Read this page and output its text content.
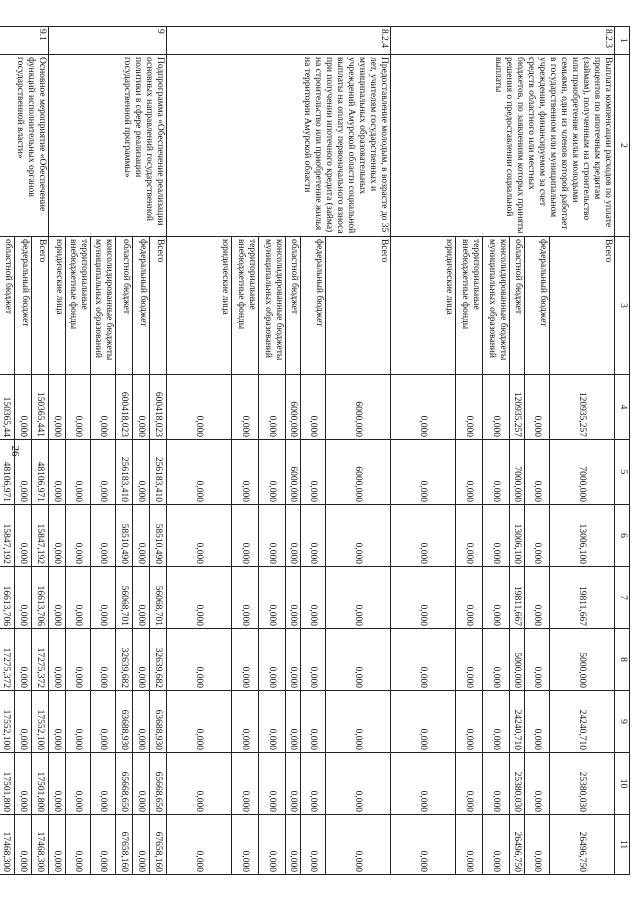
26
1	2	3	4	5	6	7	8	9	10	11
8.2.3	Выплата компенсации расходов по уплате процентов по ипотечным кредитам (займам), полученным на строительство или приобретение жилья молодыми семьями, один из членов которой работает в государственном или муниципальном учреждении, финансируемом за счет средств областного или местных бюджетов, по заявлениям которых приняты решения о предоставлении социальной выплаты	Всего	120935,257	7000,000	13006,100	19811,667	5000,000	24240,710	25380,030	26496,750
		федеральный бюджет	0,000	0,000	0,000	0,000	0,000	0,000	0,000	0,000
		областной бюджет	120935,257	7000,000	13006,100	19811,667	5000,000	24240,710	25380,030	26496,750
		консолидированные бюджеты муниципальных образований	0,000	0,000	0,000	0,000	0,000	0,000	0,000	0,000
		территориальные внебюджетные фонды	0,000	0,000	0,000	0,000	0,000	0,000	0,000	0,000
		юридические лица	0,000	0,000	0,000	0,000	0,000	0,000	0,000	0,000
8.2.4	Предоставление молодым, в возрасте до 35 лет, учителям государственных и муниципальных образовательных учреждений Амурской области социальной выплаты на оплату первоначального взноса при получении ипотечного кредита (займа) на строительство или приобретение жилья на территории Амурской области	Всего	6000,000	6000,000	0,000	0,000	0,000	0,000	0,000	0,000
		федеральный бюджет	0,000	0,000	0,000	0,000	0,000	0,000	0,000	0,000
		областной бюджет	6000,000	6000,000	0,000	0,000	0,000	0,000	0,000	0,000
		консолидированные бюджеты муниципальных образований	0,000	0,000	0,000	0,000	0,000	0,000	0,000	0,000
		территориальные внебюджетные фонды	0,000	0,000	0,000	0,000	0,000	0,000	0,000	0,000
		юридические лица	0,000	0,000	0,000	0,000	0,000	0,000	0,000	0,000
9	Подпрограмма «Обеспечение реализации основных направлений государственной политики в сфере реализации государственной программы»	Всего	600418,023	256183,410	58510,490	56068,701	32639,682	63688,930	65668,650	67658,160
		федеральный бюджет	0,000	0,000	0,000	0,000	0,000	0,000	0,000	0,000
		областной бюджет	600418,023	256183,410	58510,490	56068,701	32639,682	63688,930	65668,650	67658,160
		консолидированные бюджеты муниципальных образований	0,000	0,000	0,000	0,000	0,000	0,000	0,000	0,000
		территориальные внебюджетные фонды	0,000	0,000	0,000	0,000	0,000	0,000	0,000	0,000
		юридические лица	0,000	0,000	0,000	0,000	0,000	0,000	0,000	0,000
9.1	Основное мероприятие «Обеспечение функций исполнительных органов государственной власти»	Всего	150365,441	48106,971	15847,192	16613,706	17275,372	17552,100	17501,800	17468,300
		федеральный бюджет	0,000	0,000	0,000	0,000	0,000	0,000	0,000	0,000
		областной бюджет	150365,44	48106,971	15847,192	16613,706	17275,372	17552,100	17501,800	17468,300
